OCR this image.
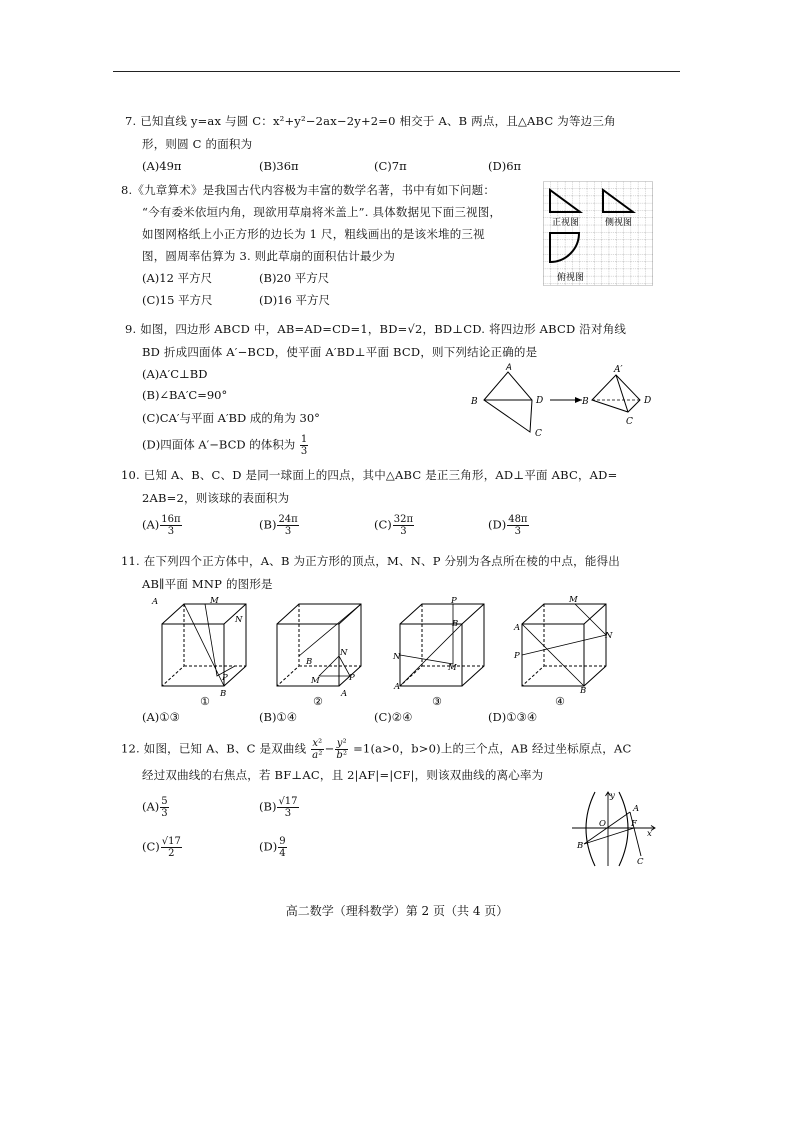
7. 已知直线 y=ax 与圆 C：x²+y²−2ax−2y+2=0 相交于 A、B 两点，且△ABC 为等边三角
形，则圆 C 的面积为
(A)49π	(B)36π	(C)7π	(D)6π
8.《九章算术》是我国古代内容极为丰富的数学名著，书中有如下问题：
“今有委米依垣内角，现欲用草扇将米盖上”. 具体数据见下面三视图，
如图网格纸上小正方形的边长为 1 尺，粗线画出的是该米堆的三视
图，圆周率估算为 3. 则此草扇的面积估计最少为
(A)12 平方尺	(B)20 平方尺
(C)15 平方尺	(D)16 平方尺
正视图	侧视图
俯视图
9. 如图，四边形 ABCD 中，AB=AD=CD=1，BD=√2，BD⊥CD. 将四边形 ABCD 沿对角线
BD 折成四面体 A′−BCD，使平面 A′BD⊥平面 BCD，则下列结论正确的是
(A)A′C⊥BD
(B)∠BA′C=90°
(C)CA′与平面 A′BD 成的角为 30°
(D)四面体 A′−BCD 的体积为 $\frac{1}{3}$
A
B
C
D
A′
B
C
D
10. 已知 A、B、C、D 是同一球面上的四点，其中△ABC 是正三角形，AD⊥平面 ABC，AD=
2AB=2，则该球的表面积为
$(A) \frac{16\pi}{3}$	$(B) \frac{24\pi}{3}$	$(C) \frac{32\pi}{3}$	$(D) \frac{48\pi}{3}$
11. 在下列四个正方体中，A、B 为正方形的顶点，M、N、P 分别为各点所在棱的中点，能得出
AB∥平面 MNP 的图形是
A	M
N
P
B
B
M
N
P
A
P
B
N
M
A
M
A
N
P
B
①	②	③	④
(A)①③	(B)①④	(C)②④	(D)①③④
12. 如图，已知 A、B、C 是双曲线 $\frac{\text{x²}}{\text{a²}} - \frac{\text{y²}}{\text{b²}} =1(a>0$，b>0)上的三个点，AB 经过坐标原点，AC
经过双曲线的右焦点，若 BF⊥AC，且 2|AF|=|CF|，则该双曲线的离心率为
$(A) \frac{5}{3}$	$(B) \frac{√17}{3}$
$(C) \frac{√17}{2}$	$(D) \frac{9}{4}$
y
O
A
F
x
B
C
高二数学（理科数学）第 2 页（共 4 页）
